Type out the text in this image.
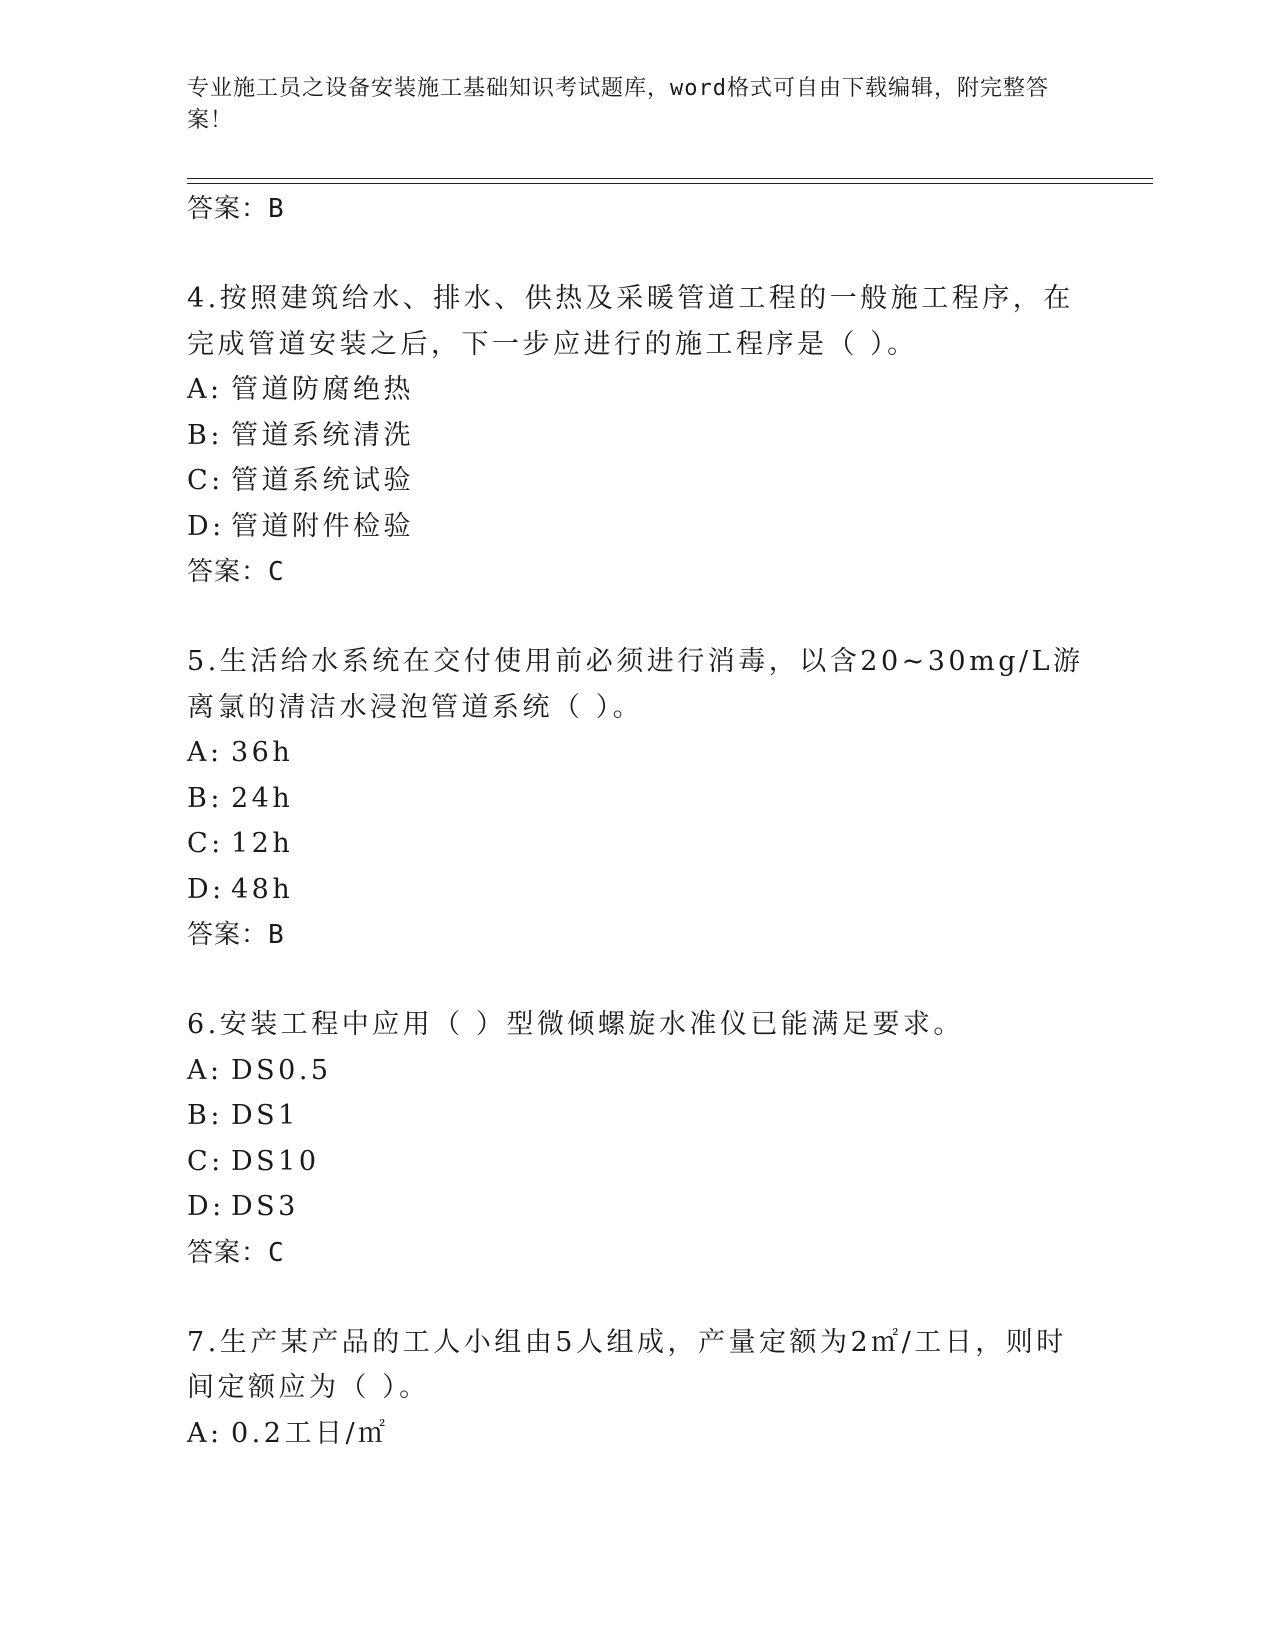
专业施工员之设备安装施工基础知识考试题库，word格式可自由下载编辑，附完整答案！
答案：B
4.按照建筑给水、排水、供热及采暖管道工程的一般施工程序，在完成管道安装之后，下一步应进行的施工程序是（ ）。
A: 管道防腐绝热
B: 管道系统清洗
C: 管道系统试验
D: 管道附件检验
答案：C
5.生活给水系统在交付使用前必须进行消毒，以含20~30mg/L游离氯的清洁水浸泡管道系统（ ）。
A: 36h
B: 24h
C: 12h
D: 48h
答案：B
6.安装工程中应用（ ）型微倾螺旋水准仪已能满足要求。
A: DS0.5
B: DS1
C: DS10
D: DS3
答案：C
7.生产某产品的工人小组由5人组成，产量定额为2㎡/工日，则时间定额应为（ ）。
A: 0.2工日/㎡
